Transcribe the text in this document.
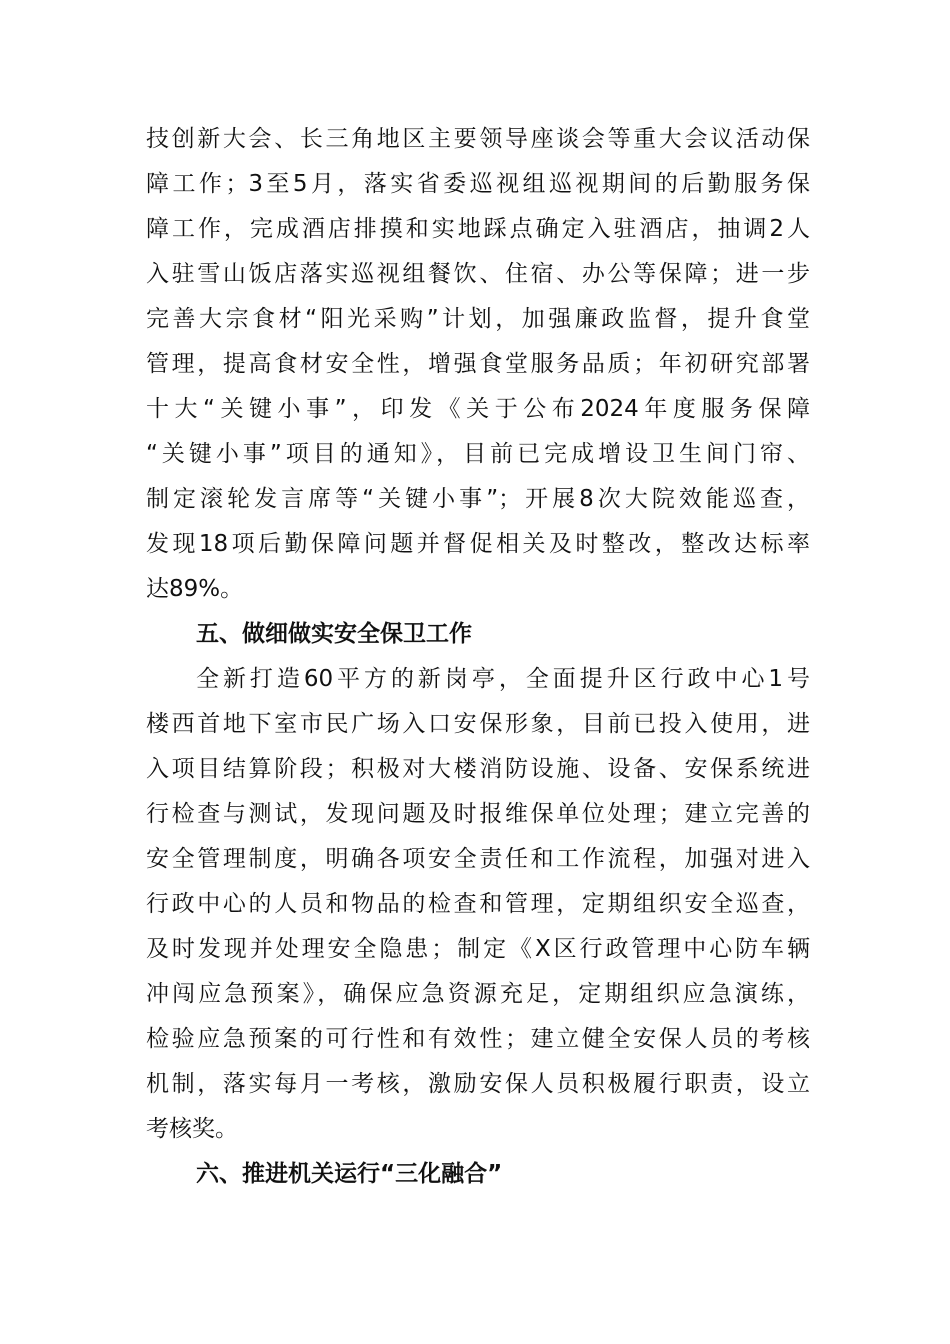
技创新大会、长三角地区主要领导座谈会等重大会议活动保
障工作；3至5月，落实省委巡视组巡视期间的后勤服务保
障工作，完成酒店排摸和实地踩点确定入驻酒店，抽调2人
入驻雪山饭店落实巡视组餐饮、住宿、办公等保障；进一步
完善大宗食材“阳光采购”计划，加强廉政监督，提升食堂
管理，提高食材安全性，增强食堂服务品质；年初研究部署
十大“关键小事”，印发《关于公布2024年度服务保障
“关键小事”项目的通知》，目前已完成增设卫生间门帘、
制定滚轮发言席等“关键小事”；开展8次大院效能巡查，
发现18项后勤保障问题并督促相关及时整改，整改达标率
达89%。
五、做细做实安全保卫工作
全新打造60平方的新岗亭，全面提升区行政中心1号
楼西首地下室市民广场入口安保形象，目前已投入使用，进
入项目结算阶段；积极对大楼消防设施、设备、安保系统进
行检查与测试，发现问题及时报维保单位处理；建立完善的
安全管理制度，明确各项安全责任和工作流程，加强对进入
行政中心的人员和物品的检查和管理，定期组织安全巡查，
及时发现并处理安全隐患；制定《X区行政管理中心防车辆
冲闯应急预案》，确保应急资源充足，定期组织应急演练，
检验应急预案的可行性和有效性；建立健全安保人员的考核
机制，落实每月一考核，激励安保人员积极履行职责，设立
考核奖。
六、推进机关运行“三化融合”
